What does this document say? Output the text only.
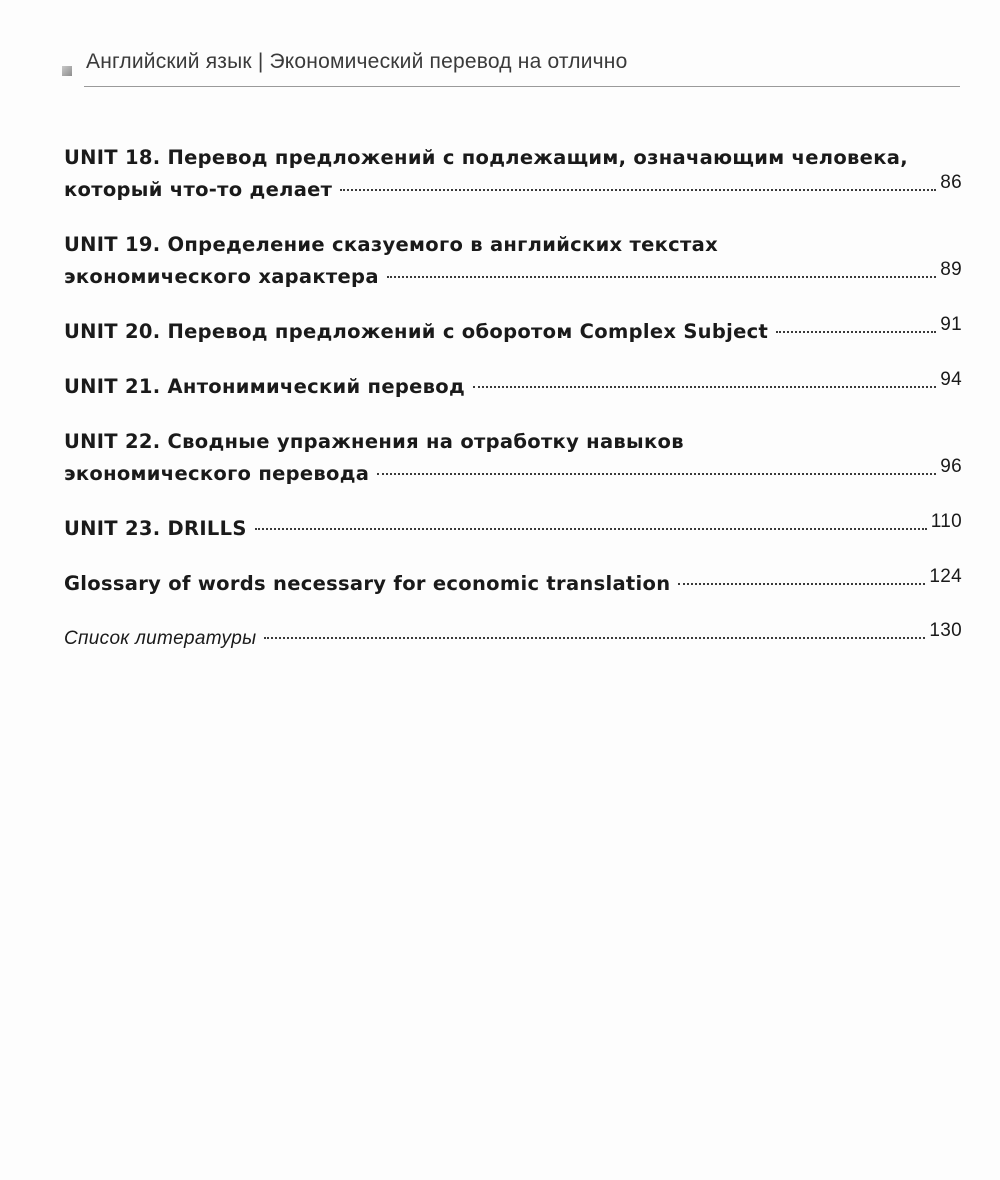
Английский язык | Экономический перевод на отлично
UNIT 18. Перевод предложений с подлежащим, означающим человека,
который что-то делает	86
UNIT 19. Определение сказуемого в английских текстах
экономического характера	89
UNIT 20. Перевод предложений с оборотом Complex Subject	91
UNIT 21. Антонимический перевод	94
UNIT 22. Сводные упражнения на отработку навыков
экономического перевода	96
UNIT 23. DRILLS	110
Glossary of words necessary for economic translation	124
Список литературы	130
